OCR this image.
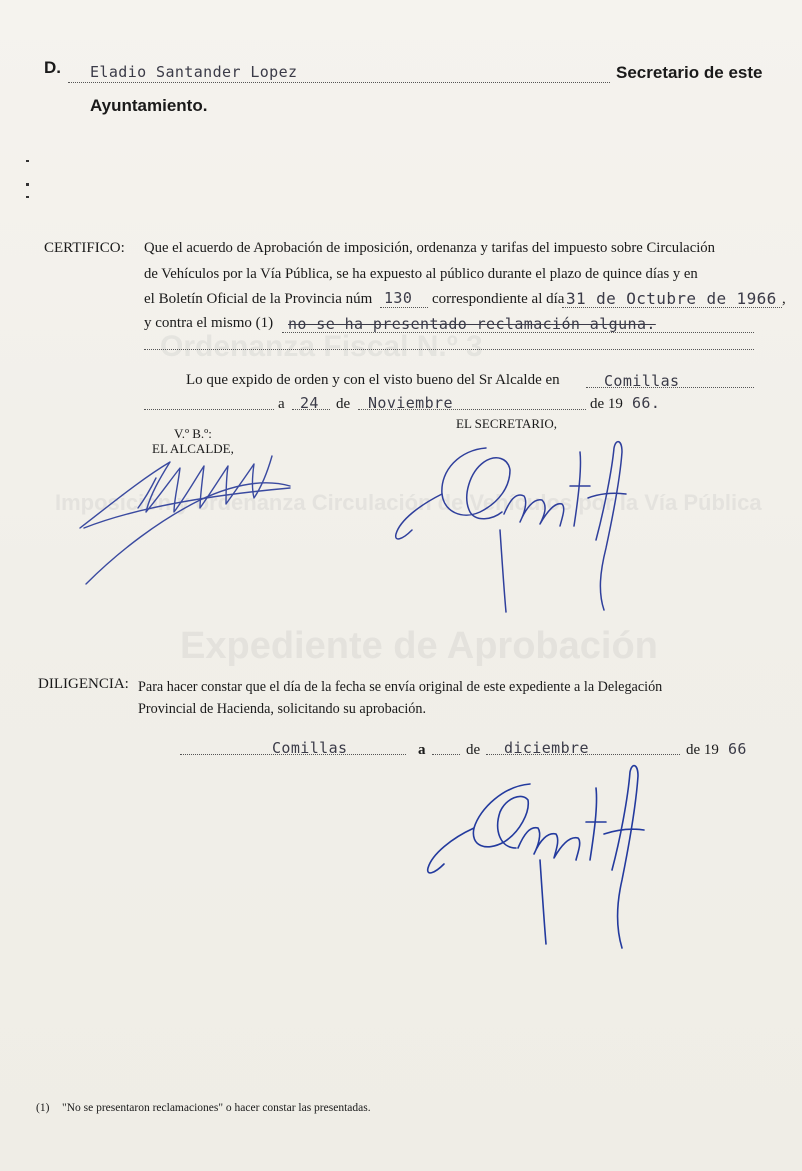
Ordenanza Fiscal N.º 3
Imposición y ordenanza Circulación de Vehículos por la Vía Pública
Expediente de Aprobación
D. Eladio Santander Lopez	Secretario de este
Ayuntamiento.
CERTIFICO: Que el acuerdo de Aprobación de imposición, ordenanza y tarifas del impuesto sobre Circulación
de Vehículos por la Vía Pública, se ha expuesto al público durante el plazo de quince días y en
el Boletín Oficial de la Provincia núm 130 correspondiente al día 31 de Octubre de 1966 ,
y contra el mismo (1) no se ha presentado reclamación alguna.
Lo que expido de orden y con el visto bueno del Sr Alcalde en	Comillas
a 24 de Noviembre	de 19 66.
V.º B.º:
EL ALCALDE,
EL SECRETARIO,
DILIGENCIA: Para hacer constar que el día de la fecha se envía original de este expediente a la Delegación
Provincial de Hacienda, solicitando su aprobación.
Comillas	a	de diciembre	de 19 66
(1) "No se presentaron reclamaciones" o hacer constar las presentadas.
